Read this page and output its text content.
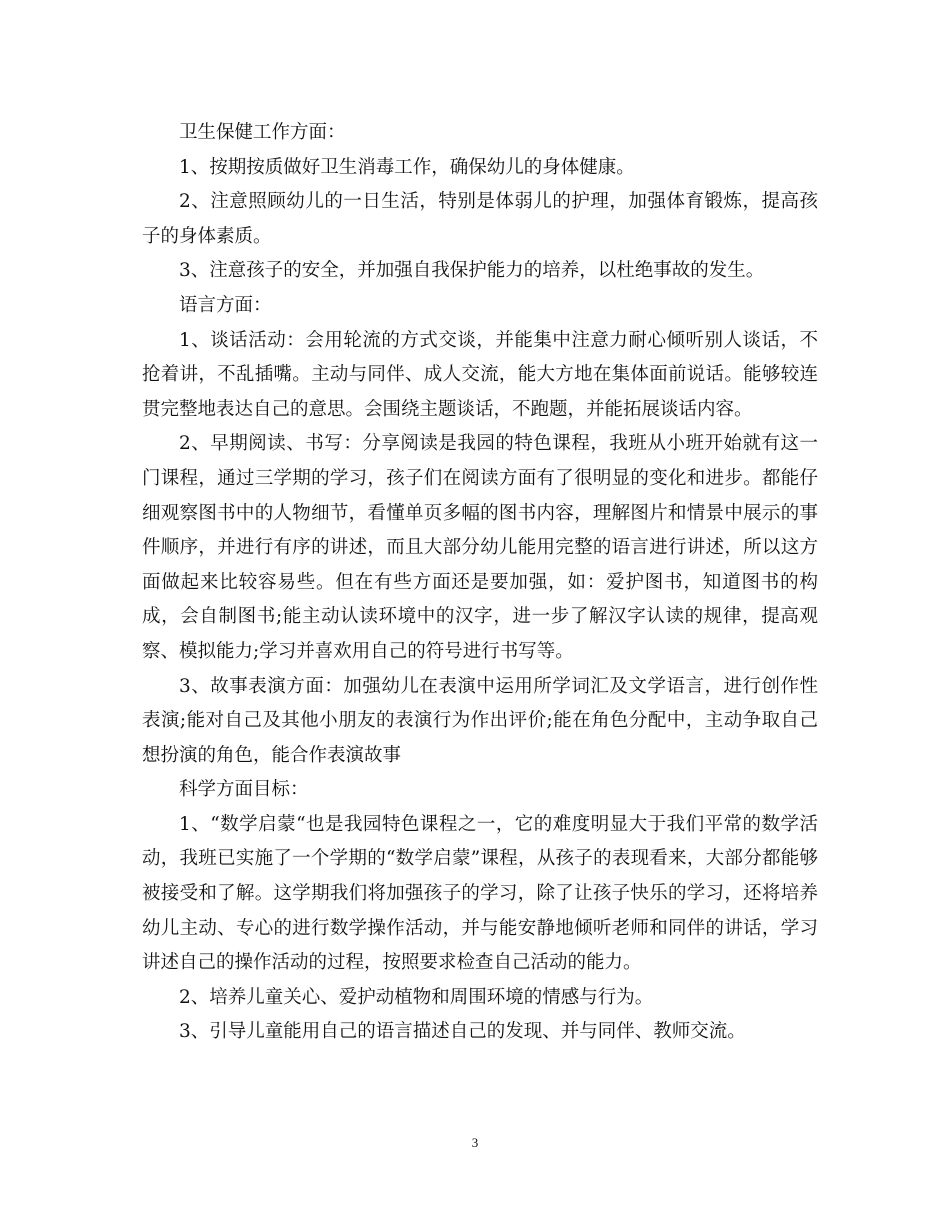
卫生保健工作方面：

1、按期按质做好卫生消毒工作，确保幼儿的身体健康。

2、注意照顾幼儿的一日生活，特别是体弱儿的护理，加强体育锻炼，提高孩子的身体素质。

3、注意孩子的安全，并加强自我保护能力的培养，以杜绝事故的发生。

语言方面：

1、谈话活动：会用轮流的方式交谈，并能集中注意力耐心倾听别人谈话，不抢着讲，不乱插嘴。主动与同伴、成人交流，能大方地在集体面前说话。能够较连贯完整地表达自己的意思。会围绕主题谈话，不跑题，并能拓展谈话内容。

2、早期阅读、书写：分享阅读是我园的特色课程，我班从小班开始就有这一门课程，通过三学期的学习，孩子们在阅读方面有了很明显的变化和进步。都能仔细观察图书中的人物细节，看懂单页多幅的图书内容，理解图片和情景中展示的事件顺序，并进行有序的讲述，而且大部分幼儿能用完整的语言进行讲述，所以这方面做起来比较容易些。但在有些方面还是要加强，如：爱护图书，知道图书的构成，会自制图书;能主动认读环境中的汉字，进一步了解汉字认读的规律，提高观察、模拟能力;学习并喜欢用自己的符号进行书写等。

3、故事表演方面：加强幼儿在表演中运用所学词汇及文学语言，进行创作性表演;能对自己及其他小朋友的表演行为作出评价;能在角色分配中，主动争取自己想扮演的角色，能合作表演故事

科学方面目标：

1、“数学启蒙“也是我园特色课程之一，它的难度明显大于我们平常的数学活动，我班已实施了一个学期的“数学启蒙”课程，从孩子的表现看来，大部分都能够被接受和了解。这学期我们将加强孩子的学习，除了让孩子快乐的学习，还将培养幼儿主动、专心的进行数学操作活动，并与能安静地倾听老师和同伴的讲话，学习讲述自己的操作活动的过程，按照要求检查自己活动的能力。

2、培养儿童关心、爱护动植物和周围环境的情感与行为。

3、引导儿童能用自己的语言描述自己的发现、并与同伴、教师交流。

3
